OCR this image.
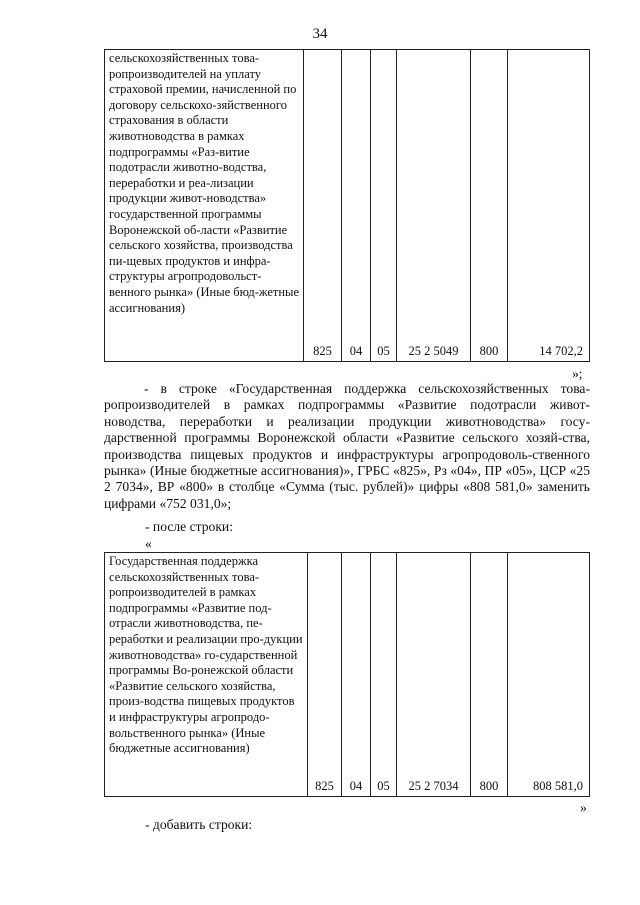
34
сельскохозяйственных това-ропроизводителей на уплату страховой премии, начисленной по договору сельскохо-зяйственного страхования в области животноводства в рамках подпрограммы «Раз-витие подотрасли животно-водства, переработки и реа-лизации продукции живот-новодства» государственной программы Воронежской об-ласти «Развитие сельского хозяйства, производства пи-щевых продуктов и инфра-структуры агропродовольст-венного рынка» (Иные бюд-жетные ассигнования)	825	04	05	25 2 5049	800	14 702,2
»;
- в строке «Государственная поддержка сельскохозяйственных това-ропроизводителей в рамках подпрограммы «Развитие подотрасли живот-новодства, переработки и реализации продукции животноводства» госу-дарственной программы Воронежской области «Развитие сельского хозяй-ства, производства пищевых продуктов и инфраструктуры агропродоволь-ственного рынка» (Иные бюджетные ассигнования)», ГРБС «825», Рз «04», ПР «05», ЦСР «25 2 7034», ВР «800» в столбце «Сумма (тыс. рублей)» цифры «808 581,0» заменить цифрами «752 031,0»;
- после строки:
«
Государственная поддержка сельскохозяйственных това-ропроизводителей в рамках подпрограммы «Развитие под-отрасли животноводства, пе-реработки и реализации про-дукции животноводства» го-сударственной программы Во-ронежской области «Развитие сельского хозяйства, произ-водства пищевых продуктов и инфраструктуры агропродо-вольственного рынка» (Иные бюджетные ассигнования)	825	04	05	25 2 7034	800	808 581,0
»
- добавить строки:
